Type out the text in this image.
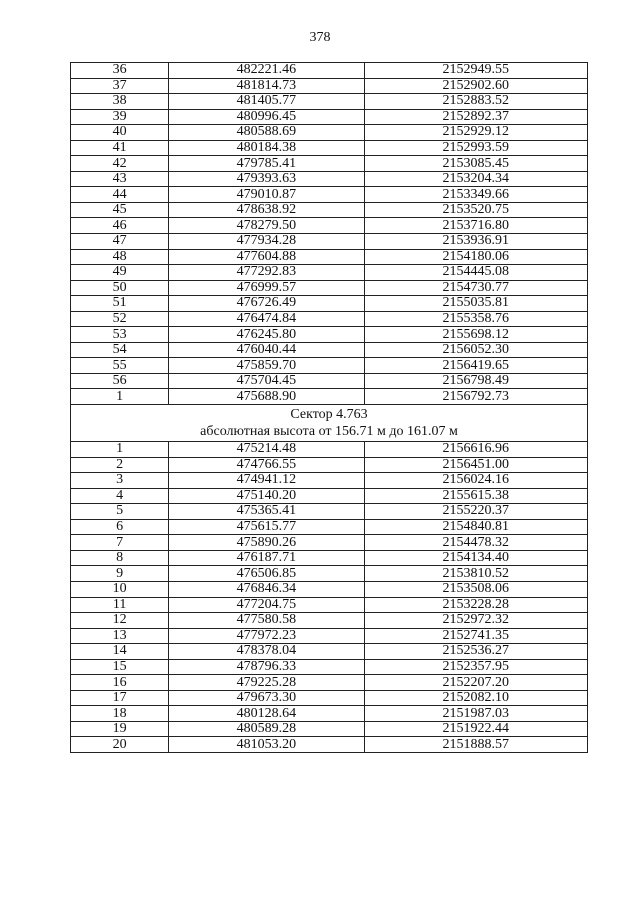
378
36	482221.46	2152949.55
37	481814.73	2152902.60
38	481405.77	2152883.52
39	480996.45	2152892.37
40	480588.69	2152929.12
41	480184.38	2152993.59
42	479785.41	2153085.45
43	479393.63	2153204.34
44	479010.87	2153349.66
45	478638.92	2153520.75
46	478279.50	2153716.80
47	477934.28	2153936.91
48	477604.88	2154180.06
49	477292.83	2154445.08
50	476999.57	2154730.77
51	476726.49	2155035.81
52	476474.84	2155358.76
53	476245.80	2155698.12
54	476040.44	2156052.30
55	475859.70	2156419.65
56	475704.45	2156798.49
1	475688.90	2156792.73

Сектор 4.763
абсолютная высота от 156.71 м до 161.07 м		

1	475214.48	2156616.96
2	474766.55	2156451.00
3	474941.12	2156024.16
4	475140.20	2155615.38
5	475365.41	2155220.37
6	475615.77	2154840.81
7	475890.26	2154478.32
8	476187.71	2154134.40
9	476506.85	2153810.52
10	476846.34	2153508.06
11	477204.75	2153228.28
12	477580.58	2152972.32
13	477972.23	2152741.35
14	478378.04	2152536.27
15	478796.33	2152357.95
16	479225.28	2152207.20
17	479673.30	2152082.10
18	480128.64	2151987.03
19	480589.28	2151922.44
20	481053.20	2151888.57
